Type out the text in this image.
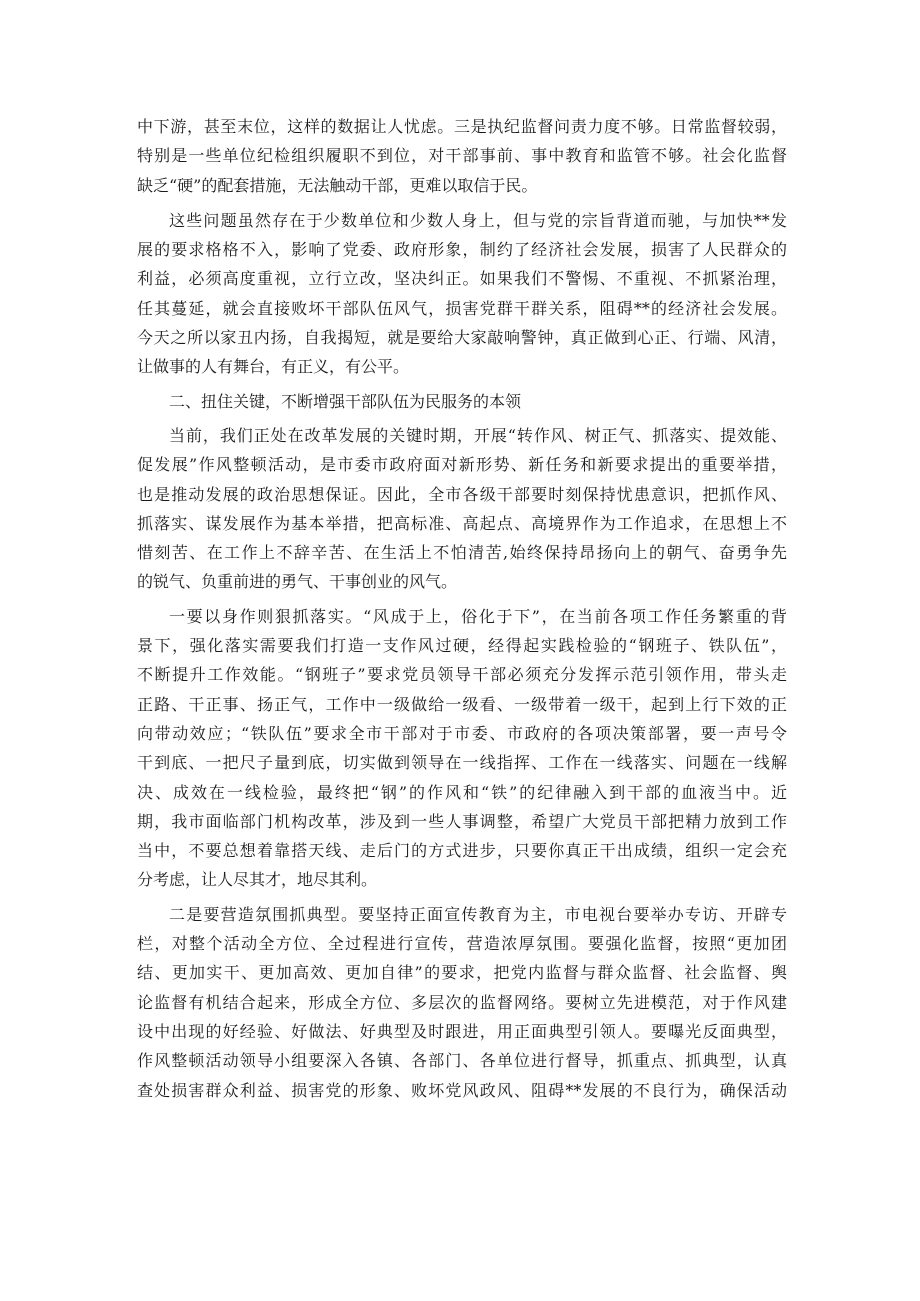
中下游，甚至末位，这样的数据让人忧虑。三是执纪监督问责力度不够。日常监督较弱，
特别是一些单位纪检组织履职不到位，对干部事前、事中教育和监管不够。社会化监督
缺乏“硬”的配套措施，无法触动干部，更难以取信于民。
这些问题虽然存在于少数单位和少数人身上，但与党的宗旨背道而驰，与加快**发
展的要求格格不入，影响了党委、政府形象，制约了经济社会发展，损害了人民群众的
利益，必须高度重视，立行立改，坚决纠正。如果我们不警惕、不重视、不抓紧治理，
任其蔓延，就会直接败坏干部队伍风气，损害党群干群关系，阻碍**的经济社会发展。
今天之所以家丑内扬，自我揭短，就是要给大家敲响警钟，真正做到心正、行端、风清，
让做事的人有舞台，有正义，有公平。
二、扭住关键，不断增强干部队伍为民服务的本领
当前，我们正处在改革发展的关键时期，开展“转作风、树正气、抓落实、提效能、
促发展”作风整顿活动，是市委市政府面对新形势、新任务和新要求提出的重要举措，
也是推动发展的政治思想保证。因此，全市各级干部要时刻保持忧患意识，把抓作风、
抓落实、谋发展作为基本举措，把高标准、高起点、高境界作为工作追求，在思想上不
惜刻苦、在工作上不辞辛苦、在生活上不怕清苦,始终保持昂扬向上的朝气、奋勇争先
的锐气、负重前进的勇气、干事创业的风气。
一要以身作则狠抓落实。“风成于上，俗化于下”，在当前各项工作任务繁重的背
景下，强化落实需要我们打造一支作风过硬，经得起实践检验的“钢班子、铁队伍”，
不断提升工作效能。“钢班子”要求党员领导干部必须充分发挥示范引领作用，带头走
正路、干正事、扬正气，工作中一级做给一级看、一级带着一级干，起到上行下效的正
向带动效应；“铁队伍”要求全市干部对于市委、市政府的各项决策部署，要一声号令
干到底、一把尺子量到底，切实做到领导在一线指挥、工作在一线落实、问题在一线解
决、成效在一线检验，最终把“钢”的作风和“铁”的纪律融入到干部的血液当中。近
期，我市面临部门机构改革，涉及到一些人事调整，希望广大党员干部把精力放到工作
当中，不要总想着靠搭天线、走后门的方式进步，只要你真正干出成绩，组织一定会充
分考虑，让人尽其才，地尽其利。
二是要营造氛围抓典型。要坚持正面宣传教育为主，市电视台要举办专访、开辟专
栏，对整个活动全方位、全过程进行宣传，营造浓厚氛围。要强化监督，按照“更加团
结、更加实干、更加高效、更加自律”的要求，把党内监督与群众监督、社会监督、舆
论监督有机结合起来，形成全方位、多层次的监督网络。要树立先进模范，对于作风建
设中出现的好经验、好做法、好典型及时跟进，用正面典型引领人。要曝光反面典型，
作风整顿活动领导小组要深入各镇、各部门、各单位进行督导，抓重点、抓典型，认真
查处损害群众利益、损害党的形象、败坏党风政风、阻碍**发展的不良行为，确保活动
